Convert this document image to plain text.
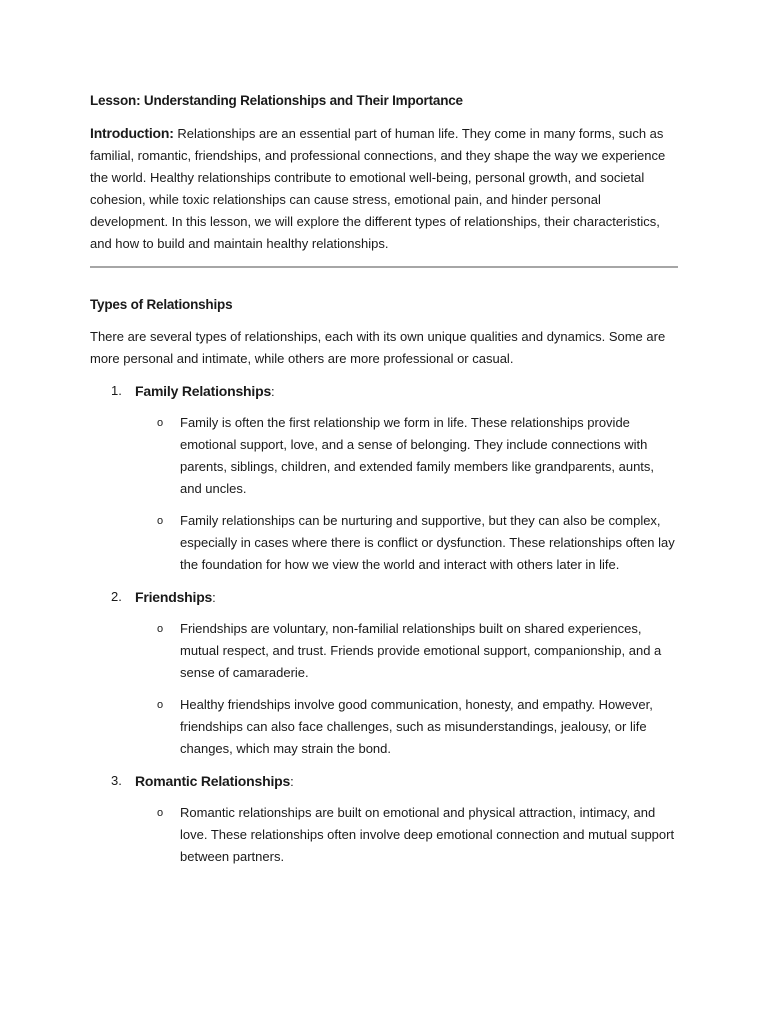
Lesson: Understanding Relationships and Their Importance

Introduction: Relationships are an essential part of human life. They come in many forms, such as familial, romantic, friendships, and professional connections, and they shape the way we experience the world. Healthy relationships contribute to emotional well-being, personal growth, and societal cohesion, while toxic relationships can cause stress, emotional pain, and hinder personal development. In this lesson, we will explore the different types of relationships, their characteristics, and how to build and maintain healthy relationships.

Types of Relationships

There are several types of relationships, each with its own unique qualities and dynamics. Some are more personal and intimate, while others are more professional or casual.

1. Family Relationships:
o Family is often the first relationship we form in life. These relationships provide emotional support, love, and a sense of belonging. They include connections with parents, siblings, children, and extended family members like grandparents, aunts, and uncles.
o Family relationships can be nurturing and supportive, but they can also be complex, especially in cases where there is conflict or dysfunction. These relationships often lay the foundation for how we view the world and interact with others later in life.
2. Friendships:
o Friendships are voluntary, non-familial relationships built on shared experiences, mutual respect, and trust. Friends provide emotional support, companionship, and a sense of camaraderie.
o Healthy friendships involve good communication, honesty, and empathy. However, friendships can also face challenges, such as misunderstandings, jealousy, or life changes, which may strain the bond.
3. Romantic Relationships:
o Romantic relationships are built on emotional and physical attraction, intimacy, and love. These relationships often involve deep emotional connection and mutual support between partners.
